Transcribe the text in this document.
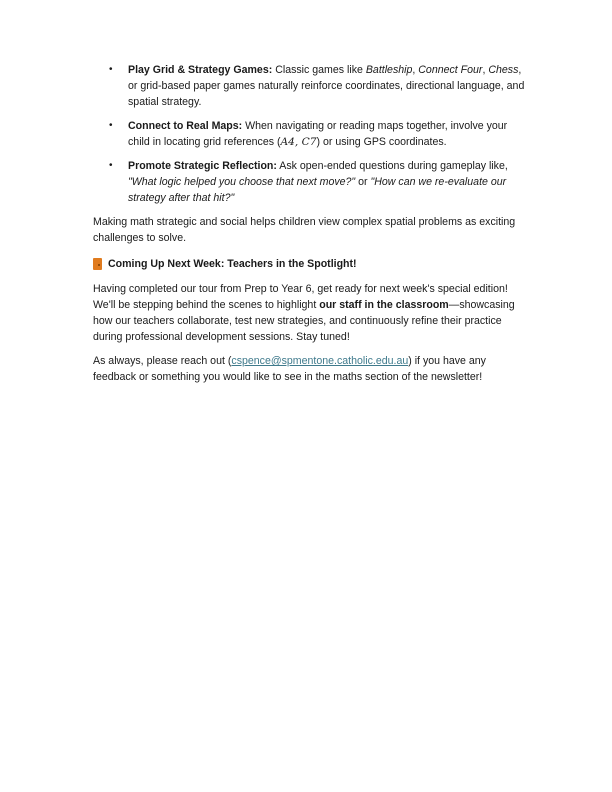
• Play Grid & Strategy Games: Classic games like Battleship, Connect Four, Chess, or grid-based paper games naturally reinforce coordinates, directional language, and spatial strategy.
• Connect to Real Maps: When navigating or reading maps together, involve your child in locating grid references (A4, C7) or using GPS coordinates.
• Promote Strategic Reflection: Ask open-ended questions during gameplay like, "What logic helped you choose that next move?" or "How can we re-evaluate our strategy after that hit?"

Making math strategic and social helps children view complex spatial problems as exciting challenges to solve.

Coming Up Next Week: Teachers in the Spotlight!

Having completed our tour from Prep to Year 6, get ready for next week's special edition! We'll be stepping behind the scenes to highlight our staff in the classroom—showcasing how our teachers collaborate, test new strategies, and continuously refine their practice during professional development sessions. Stay tuned!

As always, please reach out (cspence@spmentone.catholic.edu.au) if you have any feedback or something you would like to see in the maths section of the newsletter!
